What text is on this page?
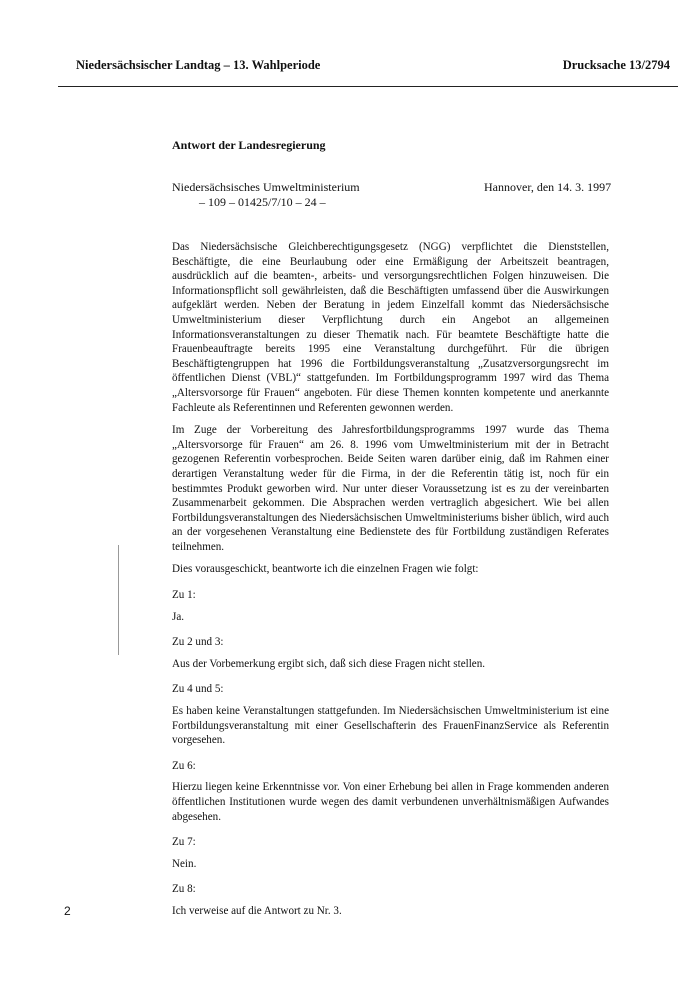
Niedersächsischer Landtag – 13. Wahlperiode	Drucksache 13/2794
Antwort der Landesregierung
Niedersächsisches Umweltministerium
– 109 – 01425/7/10 – 24 –
Hannover, den 14. 3. 1997

Das Niedersächsische Gleichberechtigungsgesetz (NGG) verpflichtet die Dienststellen, Beschäftigte, die eine Beurlaubung oder eine Ermäßigung der Arbeitszeit beantragen, ausdrücklich auf die beamten-, arbeits- und versorgungsrechtlichen Folgen hinzuweisen. Die Informationspflicht soll gewährleisten, daß die Beschäftigten umfassend über die Auswirkungen aufgeklärt werden. Neben der Beratung in jedem Einzelfall kommt das Niedersächsische Umweltministerium dieser Verpflichtung durch ein Angebot an allgemeinen Informationsveranstaltungen zu dieser Thematik nach. Für beamtete Beschäftigte hatte die Frauenbeauftragte bereits 1995 eine Veranstaltung durchgeführt. Für die übrigen Beschäftigtengruppen hat 1996 die Fortbildungsveranstaltung „Zusatzversorgungsrecht im öffentlichen Dienst (VBL)“ stattgefunden. Im Fortbildungsprogramm 1997 wird das Thema „Altersvorsorge für Frauen“ angeboten. Für diese Themen konnten kompetente und anerkannte Fachleute als Referentinnen und Referenten gewonnen werden.

Im Zuge der Vorbereitung des Jahresfortbildungsprogramms 1997 wurde das Thema „Altersvorsorge für Frauen“ am 26. 8. 1996 vom Umweltministerium mit der in Betracht gezogenen Referentin vorbesprochen. Beide Seiten waren darüber einig, daß im Rahmen einer derartigen Veranstaltung weder für die Firma, in der die Referentin tätig ist, noch für ein bestimmtes Produkt geworben wird. Nur unter dieser Voraussetzung ist es zu der vereinbarten Zusammenarbeit gekommen. Die Absprachen werden vertraglich abgesichert. Wie bei allen Fortbildungsveranstaltungen des Niedersächsischen Umweltministeriums bisher üblich, wird auch an der vorgesehenen Veranstaltung eine Bedienstete des für Fortbildung zuständigen Referates teilnehmen.

Dies vorausgeschickt, beantworte ich die einzelnen Fragen wie folgt:

Zu 1:
Ja.
Zu 2 und 3:
Aus der Vorbemerkung ergibt sich, daß sich diese Fragen nicht stellen.
Zu 4 und 5:
Es haben keine Veranstaltungen stattgefunden. Im Niedersächsischen Umweltministerium ist eine Fortbildungsveranstaltung mit einer Gesellschafterin des FrauenFinanzService als Referentin vorgesehen.
Zu 6:
Hierzu liegen keine Erkenntnisse vor. Von einer Erhebung bei allen in Frage kommenden anderen öffentlichen Institutionen wurde wegen des damit verbundenen unverhältnismäßigen Aufwandes abgesehen.
Zu 7:
Nein.
Zu 8:
Ich verweise auf die Antwort zu Nr. 3.
2
